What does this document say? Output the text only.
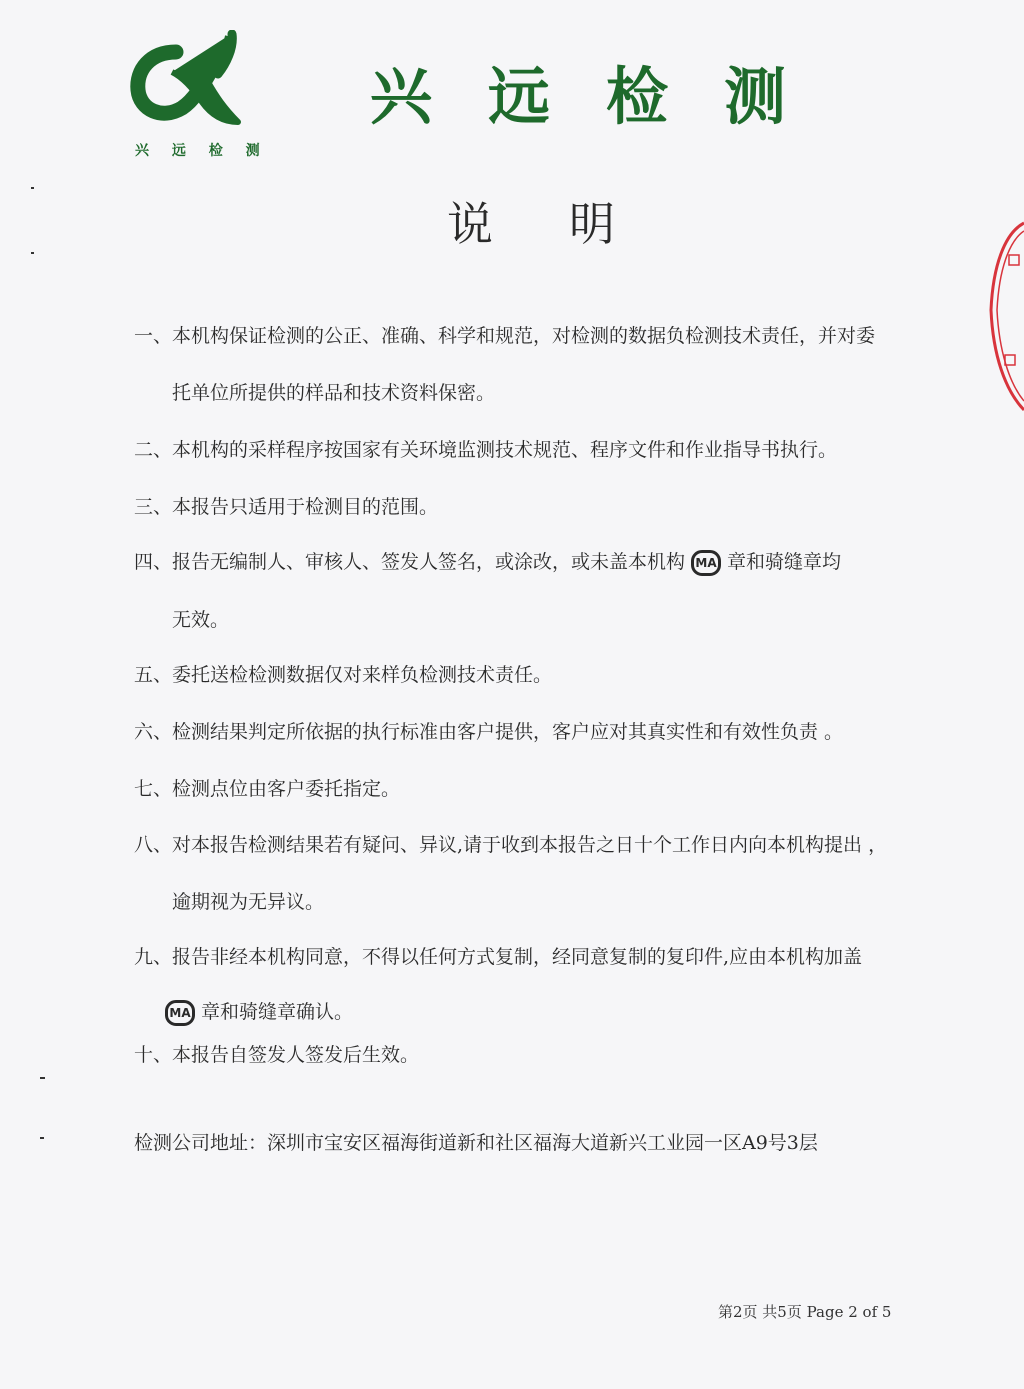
兴 远 检 测
兴远检测
说 明
一、本机构保证检测的公正、准确、科学和规范，对检测的数据负检测技术责任，并对委
托单位所提供的样品和技术资料保密。
二、本机构的采样程序按国家有关环境监测技术规范、程序文件和作业指导书执行。
三、本报告只适用于检测目的范围。
四、报告无编制人、审核人、签发人签名，或涂改，或未盖本机构 MA 章和骑缝章均
无效。
五、委托送检检测数据仅对来样负检测技术责任。
六、检测结果判定所依据的执行标准由客户提供，客户应对其真实性和有效性负责 。
七、检测点位由客户委托指定。
八、对本报告检测结果若有疑问、异议,请于收到本报告之日十个工作日内向本机构提出 ，
逾期视为无异议。
九、报告非经本机构同意，不得以任何方式复制，经同意复制的复印件,应由本机构加盖
MA 章和骑缝章确认。
十、本报告自签发人签发后生效。
检测公司地址：深圳市宝安区福海街道新和社区福海大道新兴工业园一区A9号3层
第2页 共5页 Page 2 of 5
